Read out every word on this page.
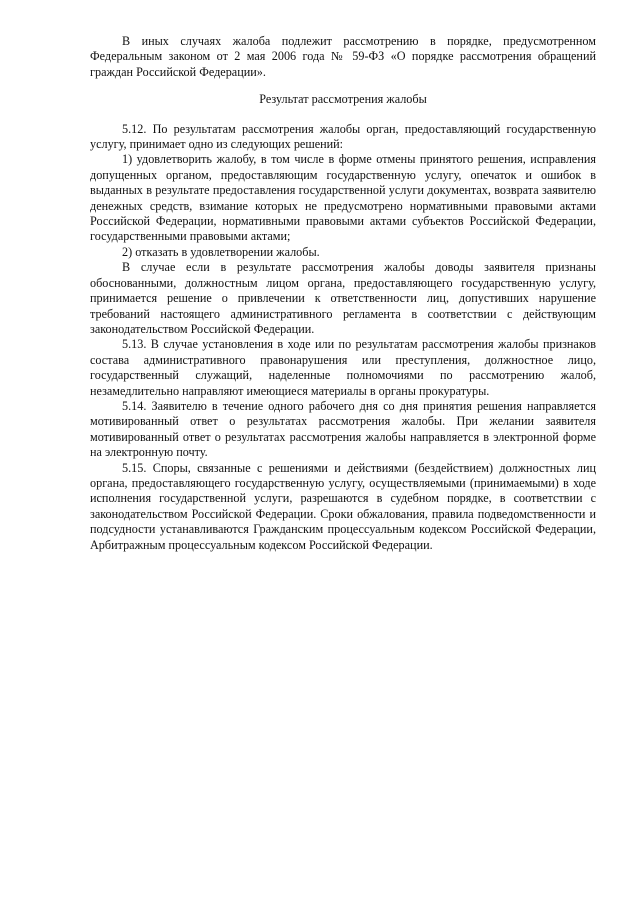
В иных случаях жалоба подлежит рассмотрению в порядке, предусмотренном Федеральным законом от 2 мая 2006 года № 59-ФЗ «О порядке рассмотрения обращений граждан Российской Федерации».

Результат рассмотрения жалобы

5.12. По результатам рассмотрения жалобы орган, предоставляющий государственную услугу, принимает одно из следующих решений:

1) удовлетворить жалобу, в том числе в форме отмены принятого решения, исправления допущенных органом, предоставляющим государственную услугу, опечаток и ошибок в выданных в результате предоставления государственной услуги документах, возврата заявителю денежных средств, взимание которых не предусмотрено нормативными правовыми актами Российской Федерации, нормативными правовыми актами субъектов Российской Федерации, государственными правовыми актами;

2) отказать в удовлетворении жалобы.

В случае если в результате рассмотрения жалобы доводы заявителя признаны обоснованными, должностным лицом органа, предоставляющего государственную услугу, принимается решение о привлечении к ответственности лиц, допустивших нарушение требований настоящего административного регламента в соответствии с действующим законодательством Российской Федерации.

5.13. В случае установления в ходе или по результатам рассмотрения жалобы признаков состава административного правонарушения или преступления, должностное лицо, государственный служащий, наделенные полномочиями по рассмотрению жалоб, незамедлительно направляют имеющиеся материалы в органы прокуратуры.

5.14. Заявителю в течение одного рабочего дня со дня принятия решения направляется мотивированный ответ о результатах рассмотрения жалобы. При желании заявителя мотивированный ответ о результатах рассмотрения жалобы направляется в электронной форме на электронную почту.

5.15. Споры, связанные с решениями и действиями (бездействием) должностных лиц органа, предоставляющего государственную услугу, осуществляемыми (принимаемыми) в ходе исполнения государственной услуги, разрешаются в судебном порядке, в соответствии с законодательством Российской Федерации. Сроки обжалования, правила подведомственности и подсудности устанавливаются Гражданским процессуальным кодексом Российской Федерации, Арбитражным процессуальным кодексом Российской Федерации.
